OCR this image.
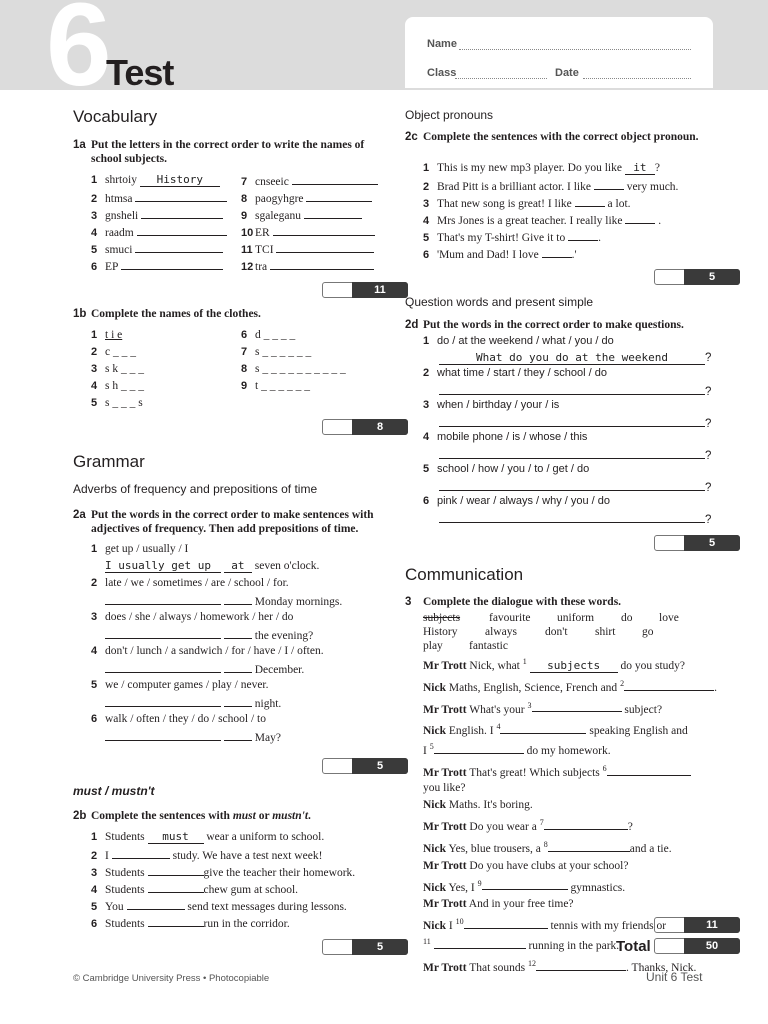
6
Test
Name
Class	Date
Vocabulary
1a Put the letters in the correct order to write the names of school subjects.
1 shrtoiy History
2 htmsa
3 gnsheli
4 raadm
5 smuci
6 EP
7 cnseeic
8 paogyhgre
9 sgaleganu
10 ER
11 TCI
12 tra
11
1b Complete the names of the clothes.
1 t i e
2 c _ _ _
3 s k _ _ _
4 s h _ _ _
5 s _ _ _ s
6 d _ _ _ _
7 s _ _ _ _ _ _
8 s _ _ _ _ _ _ _ _ _ _
9 t _ _ _ _ _ _
8
Grammar
Adverbs of frequency and prepositions of time
2a Put the words in the correct order to make sentences with adjectives of frequency. Then add prepositions of time.
1 get up / usually / I
I usually get up at seven o'clock.
2 late / we / sometimes / are / school / for.
Monday mornings.
3 does / she / always / homework / her / do
the evening?
4 don't / lunch / a sandwich / for / have / I / often.
December.
5 we / computer games / play / never.
night.
6 walk / often / they / do / school / to
May?
5
must / mustn't
2b Complete the sentences with must or mustn't.
1 Students must wear a uniform to school.
2 I	study. We have a test next week!
3 Students	give the teacher their homework.
4 Students	chew gum at school.
5 You	send text messages during lessons.
6 Students	run in the corridor.
5
Object pronouns
2c Complete the sentences with the correct object pronoun.
1 This is my new mp3 player. Do you like it ?
2 Brad Pitt is a brilliant actor. I like	very much.
3 That new song is great! I like	a lot.
4 Mrs Jones is a great teacher. I really like	.
5 That's my T-shirt! Give it to	.
6 'Mum and Dad! I love	.'
5
Question words and present simple
2d Put the words in the correct order to make questions.
1 do / at the weekend / what / you / do
What do you do at the weekend	?
2 what time / start / they / school / do
?
3 when / birthday / your / is
?
4 mobile phone / is / whose / this
?
5 school / how / you / to / get / do
?
6 pink / wear / always / why / you / do
?
5
Communication
3	Complete the dialogue with these words.
subjects	favourite uniform do love
History always don't shirt go
play fantastic
Mr Trott Nick, what $^1$ subjects do you study?
Nick Maths, English, Science, French and $^2$	.
Mr Trott What's your $^3$	subject?
Nick English. I $^4$	speaking English and
I $^5$	do my homework.
Mr Trott That's great! Which subjects $^6$
you like?
Nick Maths. It's boring.
Mr Trott Do you wear a $^7$	?
Nick Yes, blue trousers, a $^8$	and a tie.
Mr Trott Do you have clubs at your school?
Nick Yes, I $^9$	gymnastics.
Mr Trott And in your free time?
Nick I $^{10}$	tennis with my friends or
$^{11}$	running in the park.
Mr Trott That sounds $^{12}$	. Thanks, Nick.
11
Total	50
© Cambridge University Press • Photocopiable	Unit 6 Test
